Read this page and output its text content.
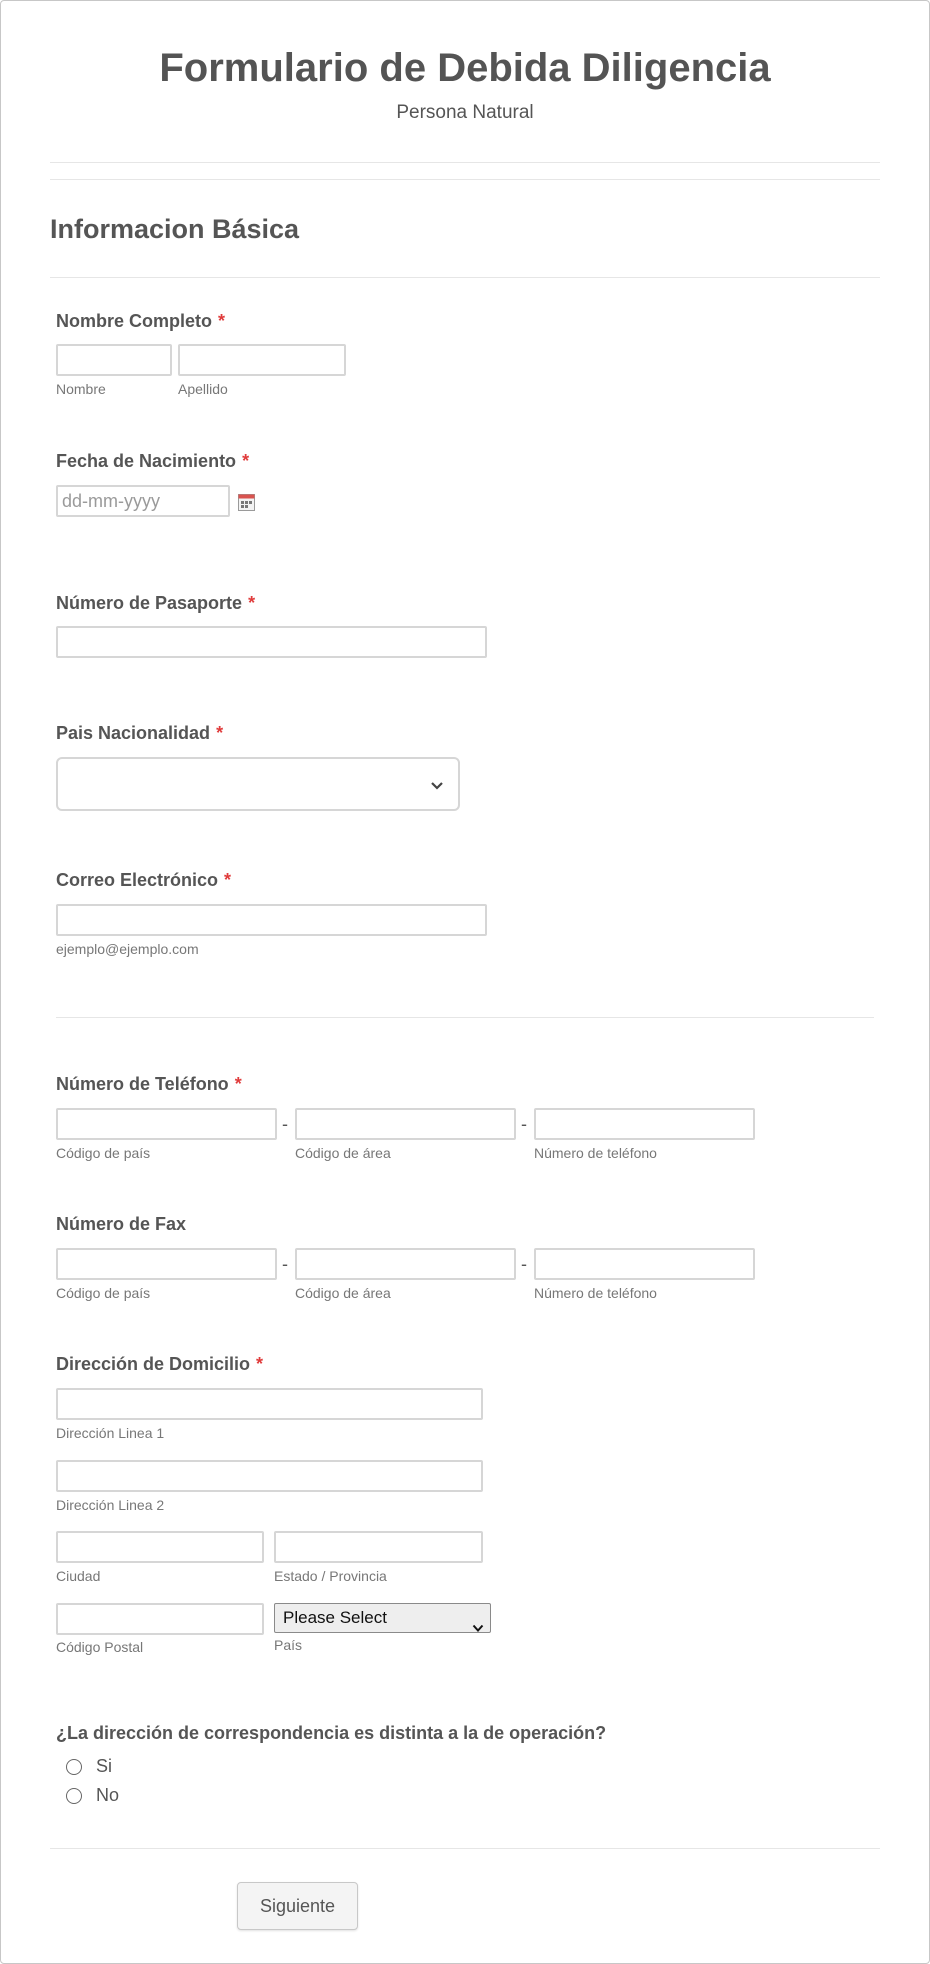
Formulario de Debida Diligencia
Persona Natural
Informacion Básica
Nombre Completo *
Nombre	Apellido
Fecha de Nacimiento *
dd-mm-yyyy
Número de Pasaporte *
Pais Nacionalidad *
Correo Electrónico *
ejemplo@ejemplo.com
Número de Teléfono *
-	-
Código de país	Código de área	Número de teléfono
Número de Fax
-	-
Código de país	Código de área	Número de teléfono
Dirección de Domicilio *
Dirección Linea 1
Dirección Linea 2
Ciudad	Estado / Provincia
Please Select
Código Postal	País
¿La dirección de correspondencia es distinta a la de operación?
Si
No
Siguiente
